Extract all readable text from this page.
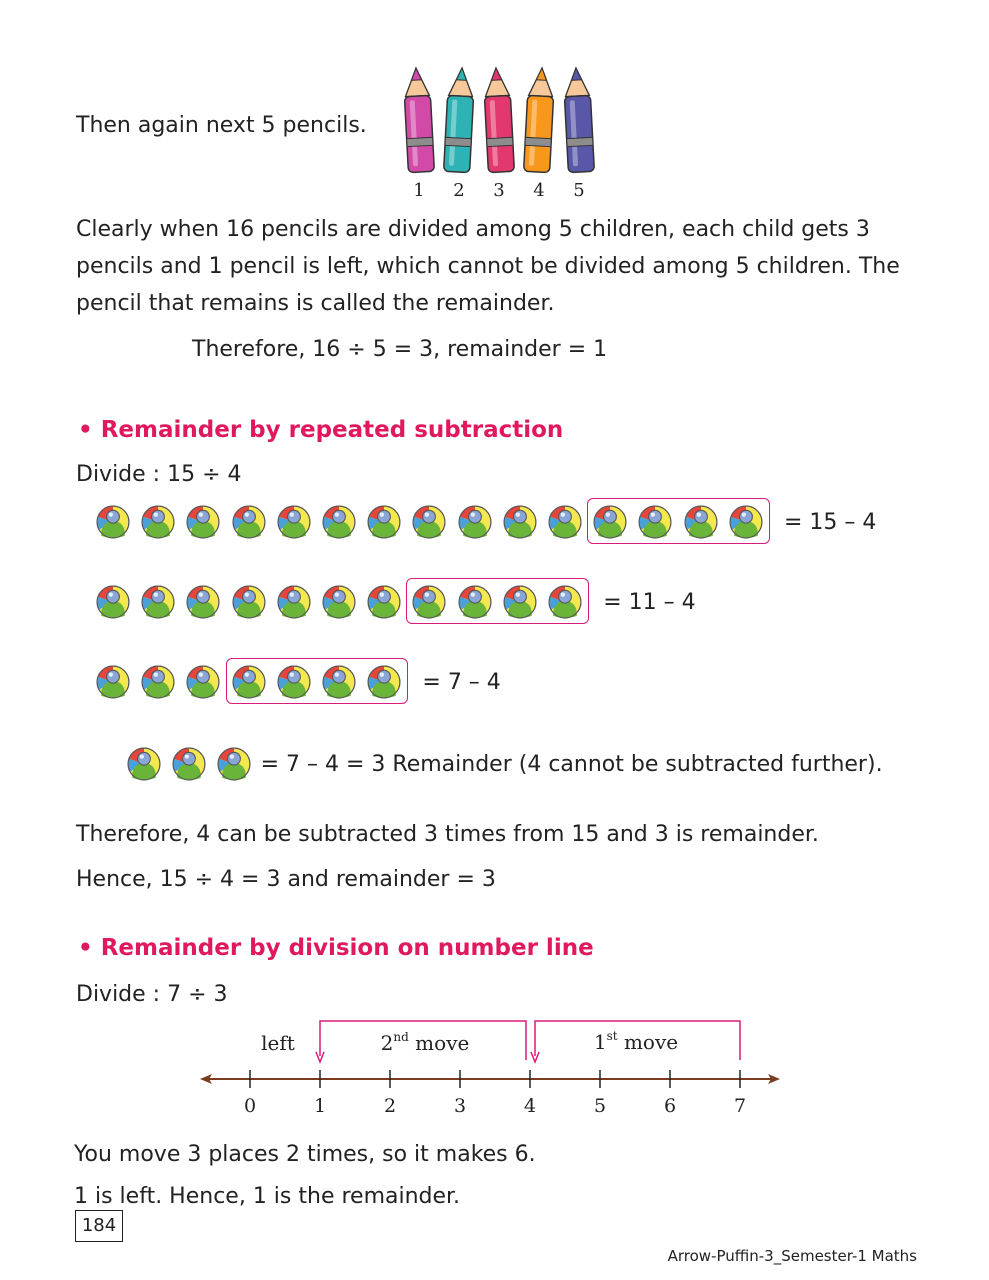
Then again next 5 pencils.
1 2 3 4 5
Clearly when 16 pencils are divided among 5 children, each child gets 3 pencils and 1 pencil is left, which cannot be divided among 5 children. The pencil that remains is called the remainder.
Therefore, 16 ÷ 5 = 3, remainder = 1
• Remainder by repeated subtraction
Divide : 15 ÷ 4
= 15 – 4
= 11 – 4
= 7 – 4
= 7 – 4 = 3 Remainder (4 cannot be subtracted further).
Therefore, 4 can be subtracted 3 times from 15 and 3 is remainder.
Hence, 15 ÷ 4 = 3 and remainder = 3
• Remainder by division on number line
Divide : 7 ÷ 3
left	2nd move	1st move
0	1	2	3	4	5	6	7
You move 3 places 2 times, so it makes 6.
1 is left. Hence, 1 is the remainder.
184
Arrow-Puffin-3_Semester-1 Maths
